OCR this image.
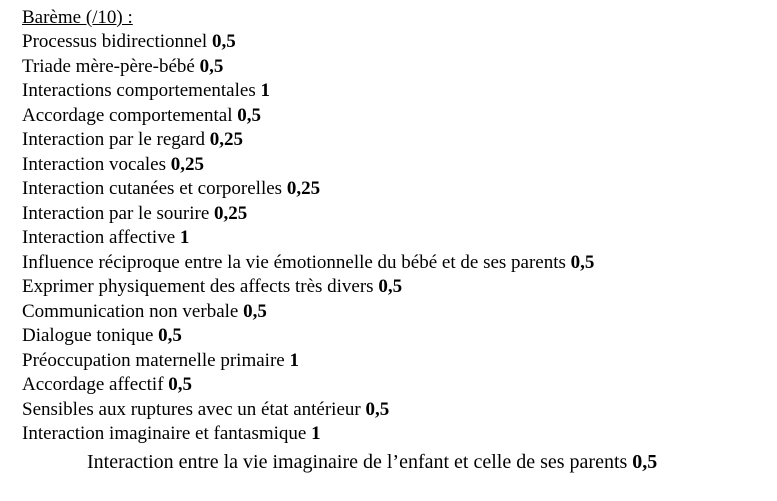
Barème (/10) :
Processus bidirectionnel 0,5
Triade mère-père-bébé 0,5
Interactions comportementales 1
Accordage comportemental 0,5
Interaction par le regard 0,25
Interaction vocales 0,25
Interaction cutanées et corporelles 0,25
Interaction par le sourire 0,25
Interaction affective 1
Influence réciproque entre la vie émotionnelle du bébé et de ses parents 0,5
Exprimer physiquement des affects très divers 0,5
Communication non verbale 0,5
Dialogue tonique 0,5
Préoccupation maternelle primaire 1
Accordage affectif 0,5
Sensibles aux ruptures avec un état antérieur 0,5
Interaction imaginaire et fantasmique 1
Interaction entre la vie imaginaire de l’enfant et celle de ses parents 0,5
